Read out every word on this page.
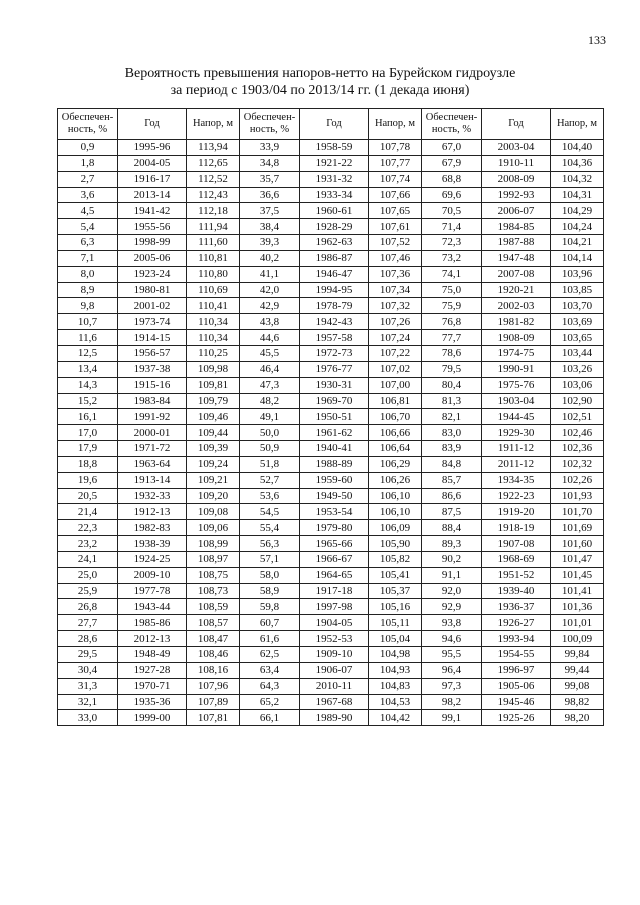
133
Вероятность превышения напоров-нетто на Бурейском гидроузле
за период с 1903/04 по 2013/14 гг. (1 декада июня)
Обеспечен-ность, %	Год	Напор, м	Обеспечен-ность, %	Год	Напор, м	Обеспечен-ность, %	Год	Напор, м
0,9	1995-96	113,94	33,9	1958-59	107,78	67,0	2003-04	104,40
1,8	2004-05	112,65	34,8	1921-22	107,77	67,9	1910-11	104,36
2,7	1916-17	112,52	35,7	1931-32	107,74	68,8	2008-09	104,32
3,6	2013-14	112,43	36,6	1933-34	107,66	69,6	1992-93	104,31
4,5	1941-42	112,18	37,5	1960-61	107,65	70,5	2006-07	104,29
5,4	1955-56	111,94	38,4	1928-29	107,61	71,4	1984-85	104,24
6,3	1998-99	111,60	39,3	1962-63	107,52	72,3	1987-88	104,21
7,1	2005-06	110,81	40,2	1986-87	107,46	73,2	1947-48	104,14
8,0	1923-24	110,80	41,1	1946-47	107,36	74,1	2007-08	103,96
8,9	1980-81	110,69	42,0	1994-95	107,34	75,0	1920-21	103,85
9,8	2001-02	110,41	42,9	1978-79	107,32	75,9	2002-03	103,70
10,7	1973-74	110,34	43,8	1942-43	107,26	76,8	1981-82	103,69
11,6	1914-15	110,34	44,6	1957-58	107,24	77,7	1908-09	103,65
12,5	1956-57	110,25	45,5	1972-73	107,22	78,6	1974-75	103,44
13,4	1937-38	109,98	46,4	1976-77	107,02	79,5	1990-91	103,26
14,3	1915-16	109,81	47,3	1930-31	107,00	80,4	1975-76	103,06
15,2	1983-84	109,79	48,2	1969-70	106,81	81,3	1903-04	102,90
16,1	1991-92	109,46	49,1	1950-51	106,70	82,1	1944-45	102,51
17,0	2000-01	109,44	50,0	1961-62	106,66	83,0	1929-30	102,46
17,9	1971-72	109,39	50,9	1940-41	106,64	83,9	1911-12	102,36
18,8	1963-64	109,24	51,8	1988-89	106,29	84,8	2011-12	102,32
19,6	1913-14	109,21	52,7	1959-60	106,26	85,7	1934-35	102,26
20,5	1932-33	109,20	53,6	1949-50	106,10	86,6	1922-23	101,93
21,4	1912-13	109,08	54,5	1953-54	106,10	87,5	1919-20	101,70
22,3	1982-83	109,06	55,4	1979-80	106,09	88,4	1918-19	101,69
23,2	1938-39	108,99	56,3	1965-66	105,90	89,3	1907-08	101,60
24,1	1924-25	108,97	57,1	1966-67	105,82	90,2	1968-69	101,47
25,0	2009-10	108,75	58,0	1964-65	105,41	91,1	1951-52	101,45
25,9	1977-78	108,73	58,9	1917-18	105,37	92,0	1939-40	101,41
26,8	1943-44	108,59	59,8	1997-98	105,16	92,9	1936-37	101,36
27,7	1985-86	108,57	60,7	1904-05	105,11	93,8	1926-27	101,01
28,6	2012-13	108,47	61,6	1952-53	105,04	94,6	1993-94	100,09
29,5	1948-49	108,46	62,5	1909-10	104,98	95,5	1954-55	99,84
30,4	1927-28	108,16	63,4	1906-07	104,93	96,4	1996-97	99,44
31,3	1970-71	107,96	64,3	2010-11	104,83	97,3	1905-06	99,08
32,1	1935-36	107,89	65,2	1967-68	104,53	98,2	1945-46	98,82
33,0	1999-00	107,81	66,1	1989-90	104,42	99,1	1925-26	98,20
